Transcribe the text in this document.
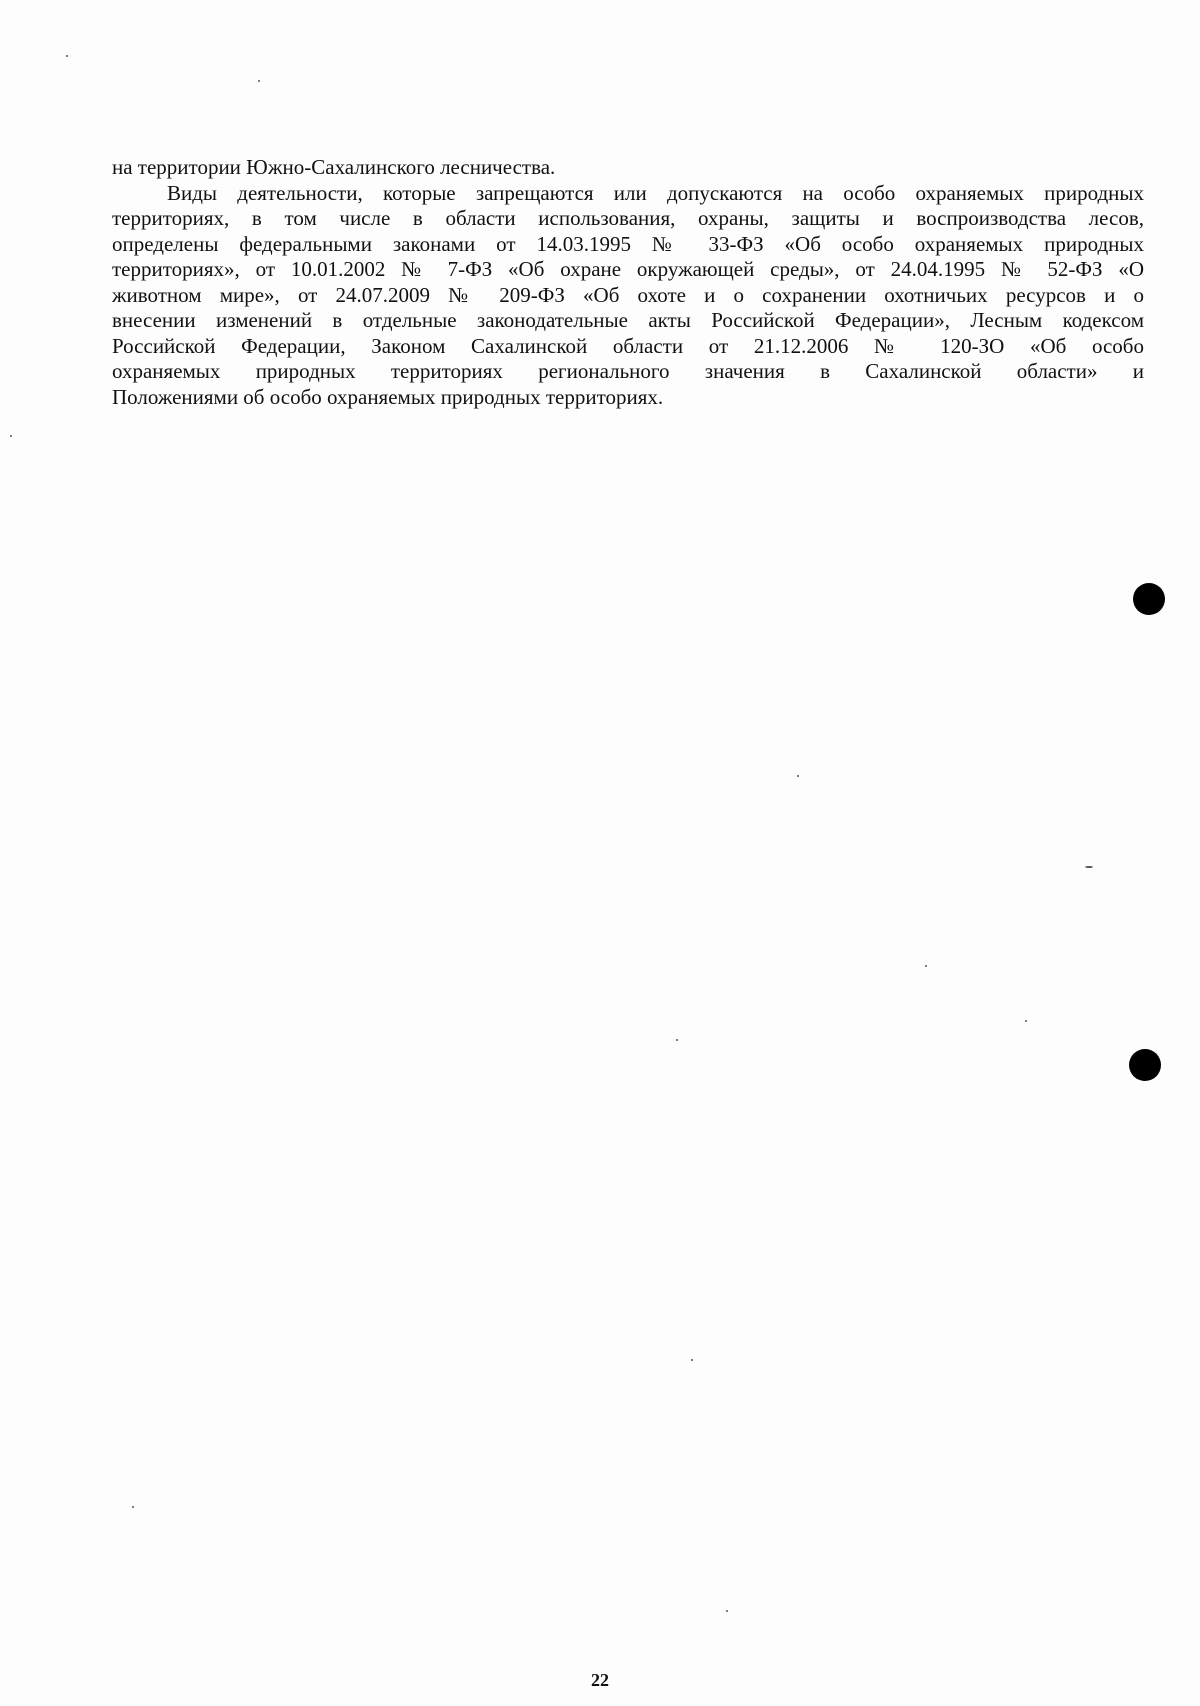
на территории Южно-Сахалинского лесничества.
Виды деятельности, которые запрещаются или допускаются на особо охраняемых природных
территориях, в том числе в области использования, охраны, защиты и воспроизводства лесов,
определены федеральными законами от 14.03.1995 № 33-ФЗ «Об особо охраняемых природных
территориях», от 10.01.2002 № 7-ФЗ «Об охране окружающей среды», от 24.04.1995 № 52-ФЗ «О
животном мире», от 24.07.2009 № 209-ФЗ «Об охоте и о сохранении охотничьих ресурсов и о
внесении изменений в отдельные законодательные акты Российской Федерации», Лесным кодексом
Российской Федерации, Законом Сахалинской области от 21.12.2006 № 120-ЗО «Об особо
охраняемых природных территориях регионального значения в Сахалинской области» и
Положениями об особо охраняемых природных территориях.
22
